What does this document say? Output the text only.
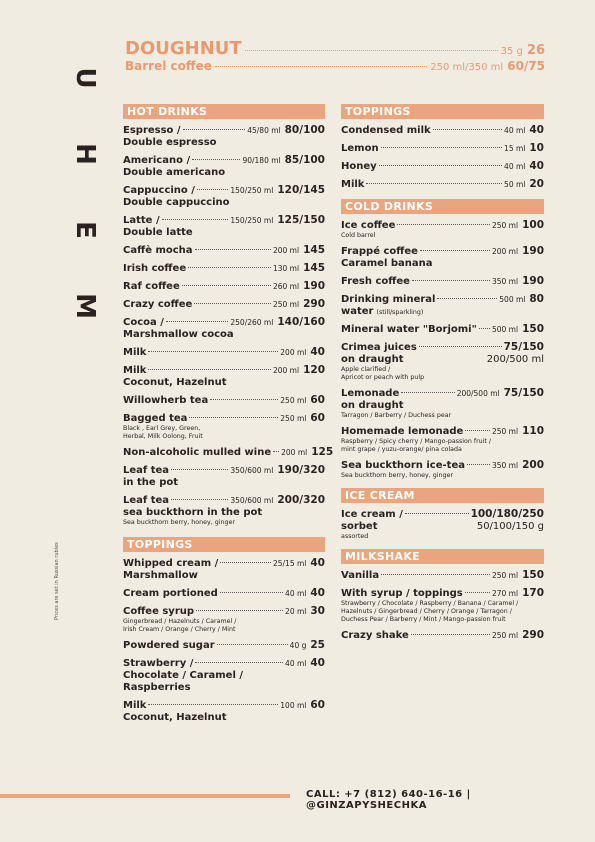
U
H
E
M
Prices are set in Russian rubles
DOUGHNUT	35 g 26
Barrel coffee	250 ml/350 ml 60/75
HOT DRINKS
Espresso /	45/80 ml 80/100
Double espresso
Americano /	90/180 ml 85/100
Double americano
Cappuccino /	150/250 ml 120/145
Double cappuccino
Latte /	150/250 ml 125/150
Double latte
Caffè mocha	200 ml 145
Irish coffee	130 ml 145
Raf coffee	260 ml 190
Crazy coffee	250 ml 290
Cocoa /	250/260 ml 140/160
Marshmallow cocoa
Milk	200 ml 40
Milk	200 ml 120
Coconut, Hazelnut
Willowherb tea	250 ml 60
Bagged tea	250 ml 60
Black , Earl Grey, Green,
Herbal, Milk Oolong, Fruit
Non-alcoholic mulled wine 200 ml 125
Leaf tea	350/600 ml 190/320
in the pot
Leaf tea	350/600 ml 200/320
sea buckthorn in the pot
Sea buckthorn berry, honey, ginger
TOPPINGS
Whipped cream /	25/15 ml 40
Marshmallow
Cream portioned	40 ml 40
Coffee syrup	20 ml 30
Gingerbread / Hazelnuts / Caramel /
Irish Cream / Orange / Cherry / Mint
Powdered sugar	40 g 25
Strawberry /	40 ml 40
Chocolate / Caramel /
Raspberries
Milk	100 ml 60
Coconut, Hazelnut
TOPPINGS
Condensed milk	40 ml 40
Lemon	15 ml 10
Honey	40 ml 40
Milk	50 ml 20
COLD DRINKS
Ice coffee	250 ml 100
Cold barrel
Frappé coffee	200 ml 190
Caramel banana
Fresh coffee	350 ml 190
Drinking mineral	500 ml 80
water (still/sparkling)
Mineral water "Borjomi" 500 ml 150
Crimea juices	75/150
on draught	200/500 ml
Apple clarified /
Apricot or peach with pulp
Lemonade	200/500 ml 75/150
on draught
Tarragon / Barberry / Duchess pear
Homemade lemonade	250 ml 110
Raspberry / Spicy cherry / Mango-passion fruit /
mint grape / yuzu-orange/ pina colada
Sea buckthorn ice-tea	350 ml 200
Sea buckthorn berry, honey, ginger
ICE CREAM
Ice cream /	100/180/250
sorbet	50/100/150 g
assorted
MILKSHAKE
Vanilla	250 ml 150
With syrup / toppings	270 ml 170
Strawberry / Chocolate / Raspberry / Banana / Caramel /
Hazelnuts / Gingerbread / Cherry / Orange / Tarragon /
Duchess Pear / Barberry / Mint / Mango-passion fruit
Crazy shake	250 ml 290
CALL: +7 (812) 640-16-16 | @GINZAPYSHECHKA
